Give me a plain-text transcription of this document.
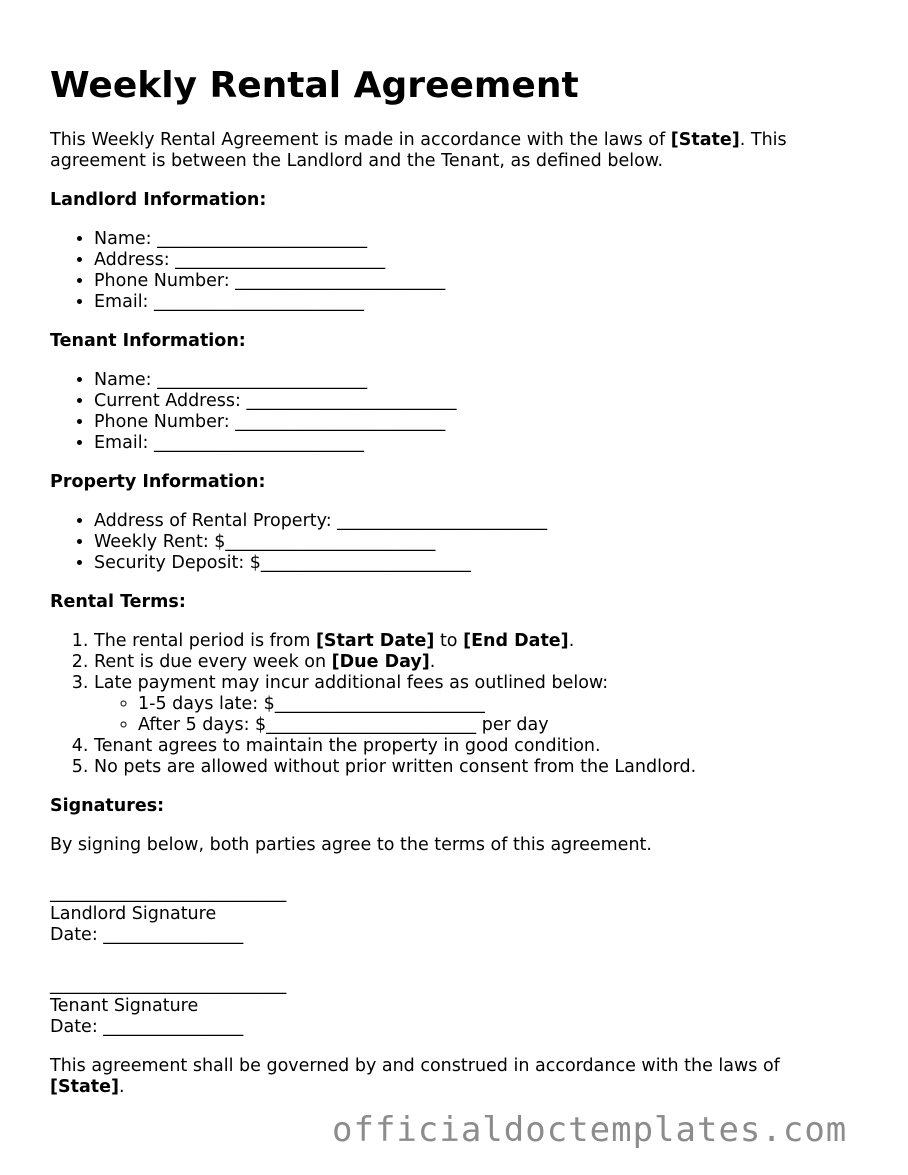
Weekly Rental Agreement

This Weekly Rental Agreement is made in accordance with the laws of [State]. This agreement is between the Landlord and the Tenant, as defined below.

Landlord Information:
• Name: ________________________
• Address: ________________________
• Phone Number: ________________________
• Email: ________________________
Tenant Information:
• Name: ________________________
• Current Address: ________________________
• Phone Number: ________________________
• Email: ________________________
Property Information:
• Address of Rental Property: ________________________
• Weekly Rent: $________________________
• Security Deposit: $________________________
Rental Terms:
1. The rental period is from [Start Date] to [End Date].
2. Rent is due every week on [Due Day].
3. Late payment may incur additional fees as outlined below:
◦ 1-5 days late: $________________________
◦ After 5 days: $________________________ per day
4. Tenant agrees to maintain the property in good condition.
5. No pets are allowed without prior written consent from the Landlord.
Signatures:

By signing below, both parties agree to the terms of this agreement.

___________________________
Landlord Signature
Date: ________________
___________________________
Tenant Signature
Date: ________________

This agreement shall be governed by and construed in accordance with the laws of [State].

officialdoctemplates.com
